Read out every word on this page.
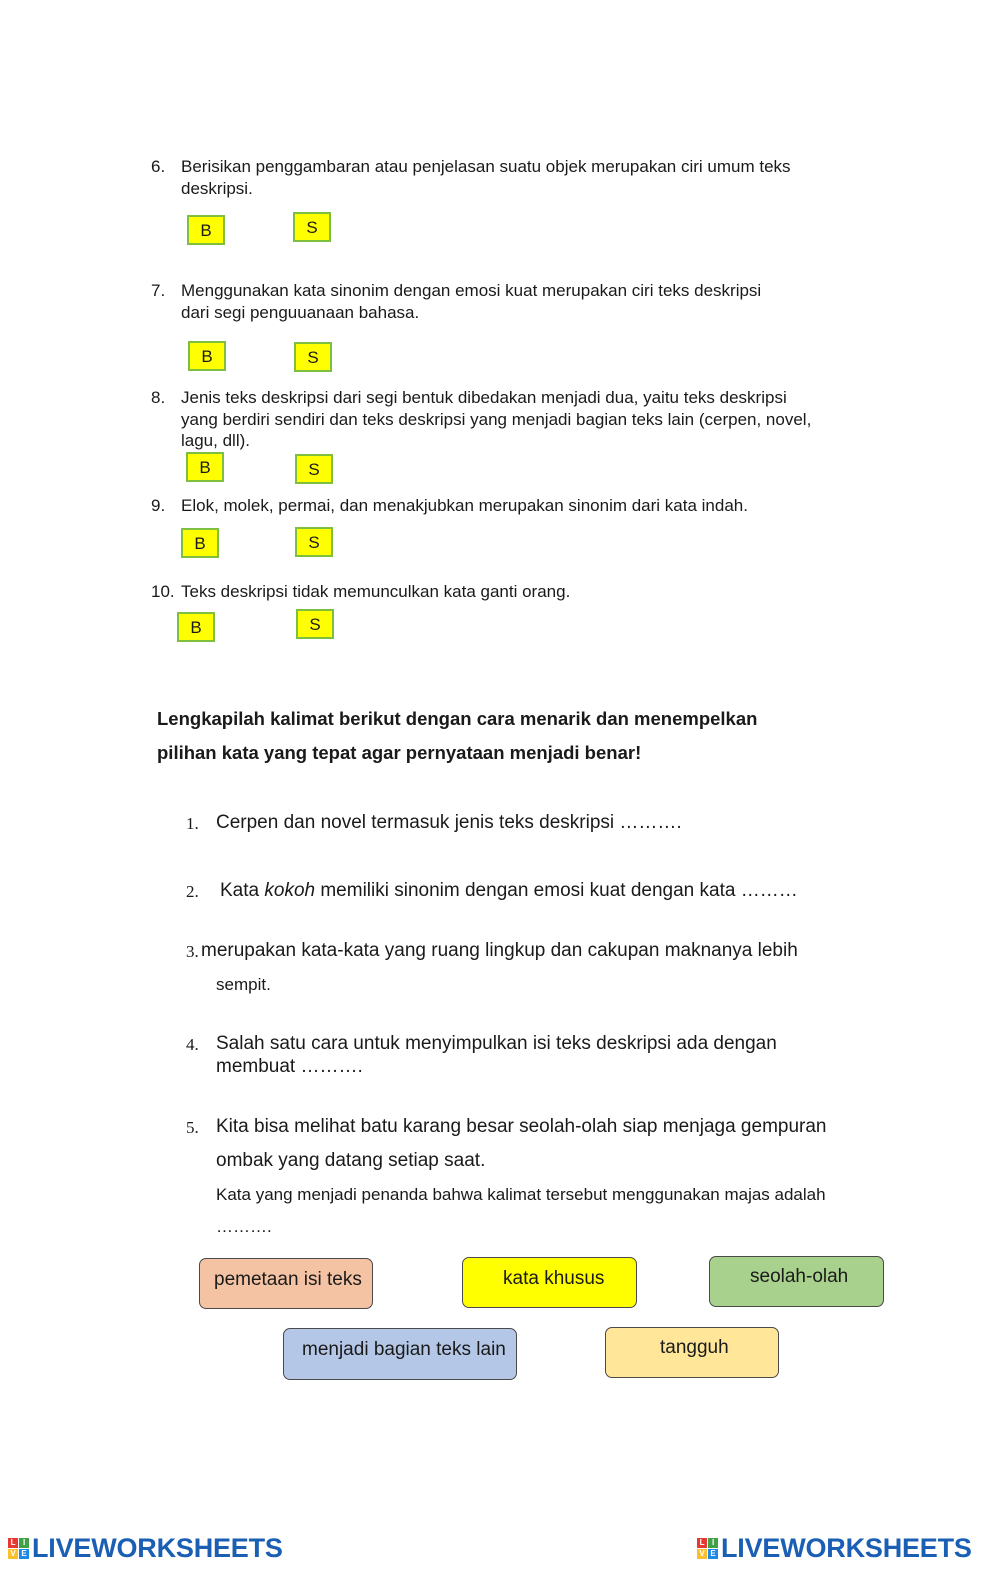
6. Berisikan penggambaran atau penjelasan suatu objek merupakan ciri umum teks
deskripsi.
B	S
7. Menggunakan kata sinonim dengan emosi kuat merupakan ciri teks deskripsi
dari segi penguuanaan bahasa.
B	S
8. Jenis teks deskripsi dari segi bentuk dibedakan menjadi dua, yaitu teks deskripsi
yang berdiri sendiri dan teks deskripsi yang menjadi bagian teks lain (cerpen, novel,
lagu, dll).
B	S
9. Elok, molek, permai, dan menakjubkan merupakan sinonim dari kata indah.
B	S
10. Teks deskripsi tidak memunculkan kata ganti orang.
B	S
Lengkapilah kalimat berikut dengan cara menarik dan menempelkan
pilihan kata yang tepat agar pernyataan menjadi benar!
1. Cerpen dan novel termasuk jenis teks deskripsi ……….
2. Kata kokoh memiliki sinonim dengan emosi kuat dengan kata ………
3. merupakan kata-kata yang ruang lingkup dan cakupan maknanya lebih
sempit.
4. Salah satu cara untuk menyimpulkan isi teks deskripsi ada dengan
membuat ……….
5. Kita bisa melihat batu karang besar seolah-olah siap menjaga gempuran
ombak yang datang setiap saat.
Kata yang menjadi penanda bahwa kalimat tersebut menggunakan majas adalah
……….
pemetaan isi teks	kata khusus	seolah-olah
menjadi bagian teks lain	tangguh
L I
V E LIVEWORKSHEETS	L I
V E LIVEWORKSHEETS
